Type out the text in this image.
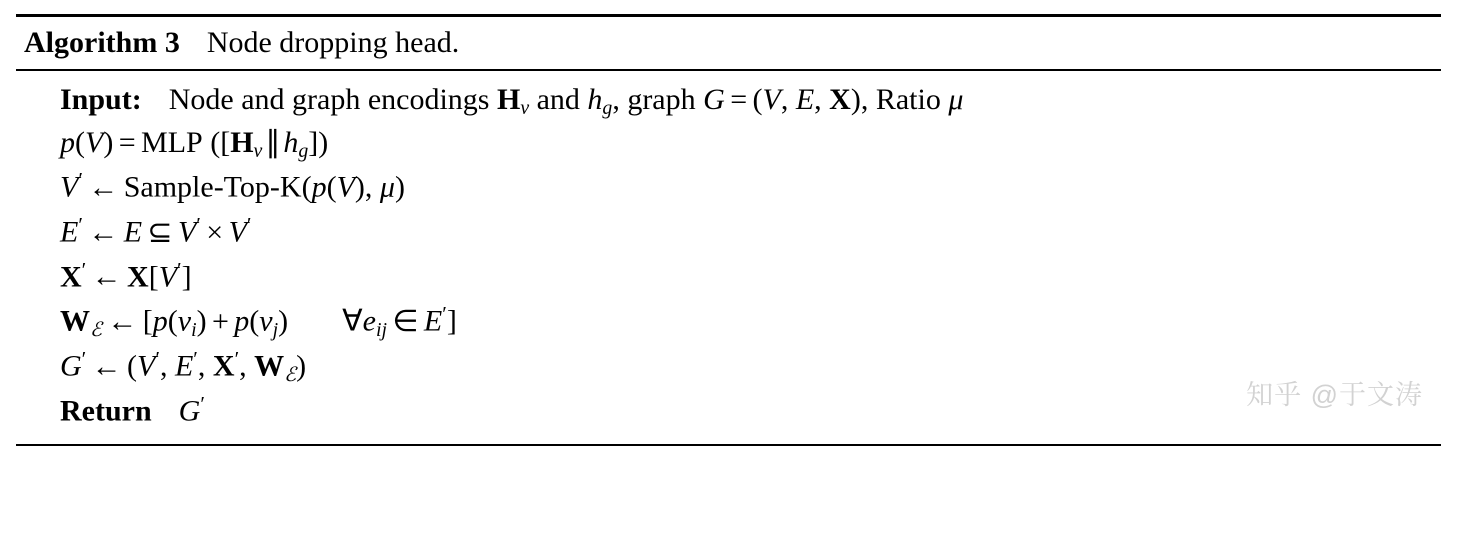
Algorithm 3 Node dropping head.
Input: Node and graph encodings $H_v$ and $h_g$, graph G = (V, E, X), Ratio μ
p(V) = MLP ([$H_v$ ∥ $h_g$])
V′ ← Sample-Top-K(p(V), μ)
E′ ← E ⊆ V′ × V′
X′ ← X[V′]
$W_ℰ$ ← [$p(v_i) + p(v_j)$ $\forall e_{ij}$ ∈ E′]
G′ ← (V′, E′, X′, $W_ℰ$)
Return G′	知乎 @于文涛
